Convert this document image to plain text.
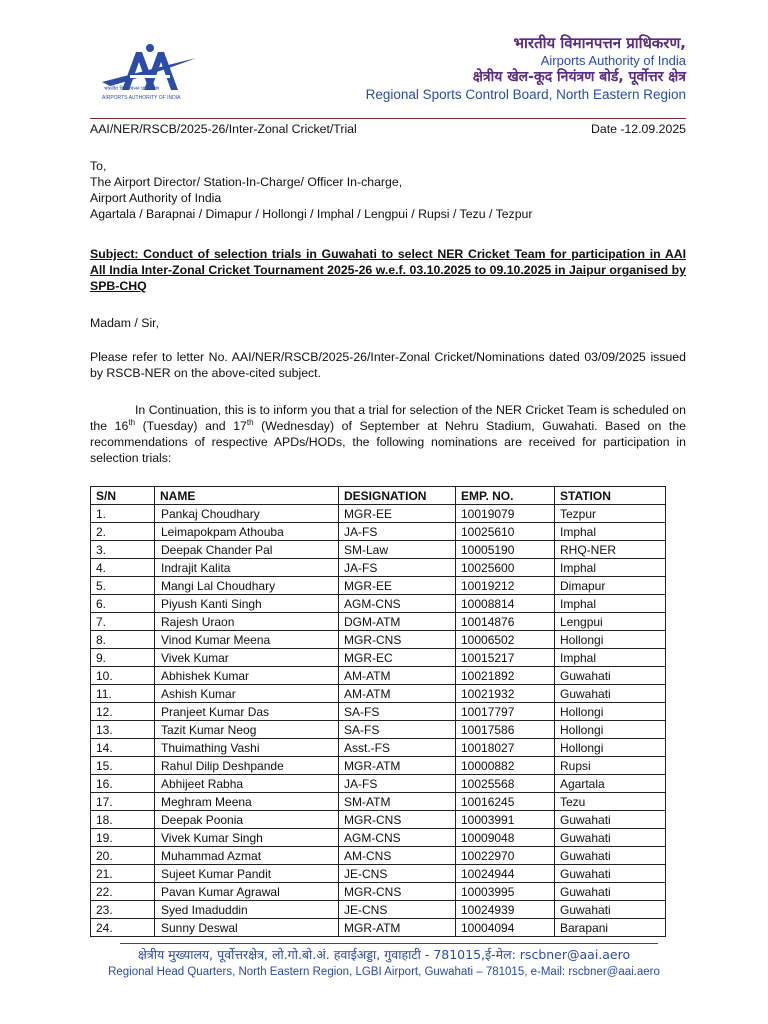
भारतीय विमानपत्तन प्राधिकरण
AIRPORTS AUTHORITY OF INDIA
भारतीय विमानपत्तन प्राधिकरण,
Airports Authority of India
क्षेत्रीय खेल-कूद नियंत्रण बोर्ड, पूर्वोत्तर क्षेत्र
Regional Sports Control Board, North Eastern Region
AAI/NER/RSCB/2025-26/Inter-Zonal Cricket/Trial	Date -12.09.2025
To,
The Airport Director/ Station-In-Charge/ Officer In-charge,
Airport Authority of India
Agartala / Barapnai / Dimapur / Hollongi / Imphal / Lengpui / Rupsi / Tezu / Tezpur
Subject: Conduct of selection trials in Guwahati to select NER Cricket Team for participation in AAI All India Inter-Zonal Cricket Tournament 2025-26 w.e.f. 03.10.2025 to 09.10.2025 in Jaipur organised by SPB-CHQ
Madam / Sir,
Please refer to letter No. AAI/NER/RSCB/2025-26/Inter-Zonal Cricket/Nominations dated 03/09/2025 issued by RSCB-NER on the above-cited subject.
In Continuation, this is to inform you that a trial for selection of the NER Cricket Team is scheduled on the 16th (Tuesday) and 17th (Wednesday) of September at Nehru Stadium, Guwahati. Based on the recommendations of respective APDs/HODs, the following nominations are received for participation in selection trials:
S/N	NAME	DESIGNATION	EMP. NO.	STATION
1.	Pankaj Choudhary	MGR-EE	10019079	Tezpur
2.	Leimapokpam Athouba	JA-FS	10025610	Imphal
3.	Deepak Chander Pal	SM-Law	10005190	RHQ-NER
4.	Indrajit Kalita	JA-FS	10025600	Imphal
5.	Mangi Lal Choudhary	MGR-EE	10019212	Dimapur
6.	Piyush Kanti Singh	AGM-CNS	10008814	Imphal
7.	Rajesh Uraon	DGM-ATM	10014876	Lengpui
8.	Vinod Kumar Meena	MGR-CNS	10006502	Hollongi
9.	Vivek Kumar	MGR-EC	10015217	Imphal
10.	Abhishek Kumar	AM-ATM	10021892	Guwahati
11.	Ashish Kumar	AM-ATM	10021932	Guwahati
12.	Pranjeet Kumar Das	SA-FS	10017797	Hollongi
13.	Tazit Kumar Neog	SA-FS	10017586	Hollongi
14.	Thuimathing Vashi	Asst.-FS	10018027	Hollongi
15.	Rahul Dilip Deshpande	MGR-ATM	10000882	Rupsi
16.	Abhijeet Rabha	JA-FS	10025568	Agartala
17.	Meghram Meena	SM-ATM	10016245	Tezu
18.	Deepak Poonia	MGR-CNS	10003991	Guwahati
19.	Vivek Kumar Singh	AGM-CNS	10009048	Guwahati
20.	Muhammad Azmat	AM-CNS	10022970	Guwahati
21.	Sujeet Kumar Pandit	JE-CNS	10024944	Guwahati
22.	Pavan Kumar Agrawal	MGR-CNS	10003995	Guwahati
23.	Syed Imaduddin	JE-CNS	10024939	Guwahati
24.	Sunny Deswal	MGR-ATM	10004094	Barapani
क्षेत्रीय मुख्यालय, पूर्वोत्तरक्षेत्र, लो.गो.बो.अं. हवाईअड्डा, गुवाहाटी - 781015,ई-मेल: rscbner@aai.aero
Regional Head Quarters, North Eastern Region, LGBI Airport, Guwahati – 781015, e-Mail: rscbner@aai.aero
